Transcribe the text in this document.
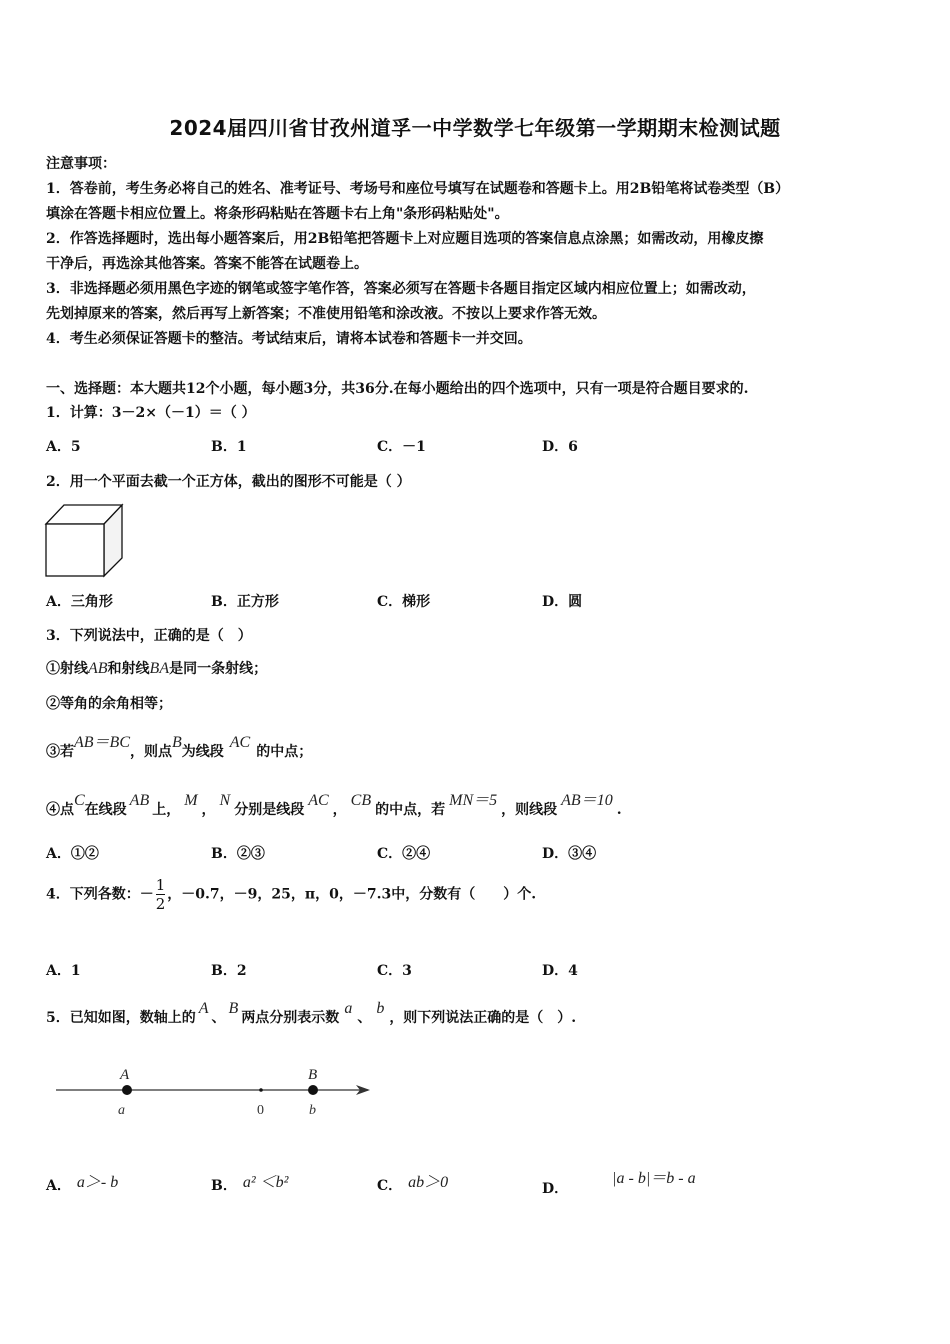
2024届四川省甘孜州道孚一中学数学七年级第一学期期末检测试题
注意事项：
1．答卷前，考生务必将自己的姓名、准考证号、考场号和座位号填写在试题卷和答题卡上。用2B铅笔将试卷类型（B）
填涂在答题卡相应位置上。将条形码粘贴在答题卡右上角"条形码粘贴处"。
2．作答选择题时，选出每小题答案后，用2B铅笔把答题卡上对应题目选项的答案信息点涂黑；如需改动，用橡皮擦
干净后，再选涂其他答案。答案不能答在试题卷上。
3．非选择题必须用黑色字迹的钢笔或签字笔作答，答案必须写在答题卡各题目指定区域内相应位置上；如需改动，
先划掉原来的答案，然后再写上新答案；不准使用铅笔和涂改液。不按以上要求作答无效。
4．考生必须保证答题卡的整洁。考试结束后，请将本试卷和答题卡一并交回。
一、选择题：本大题共12个小题，每小题3分，共36分.在每小题给出的四个选项中，只有一项是符合题目要求的.
1．计算：3－2×（－1）＝（ ）
A．5	B．1	C．－1	D．6
2．用一个平面去截一个正方体，截出的图形不可能是（ ）
A．三角形	B．正方形	C．梯形	D．圆
3．下列说法中，正确的是（　）
①射线AB和射线BA是同一条射线；
②等角的余角相等；
③若AB＝BC，则点B为线段AC的中点；
④点C在线段AB上，M，N分别是线段AC，CB的中点，若MN＝5，则线段AB＝10.
A．①②	B．②③	C．②④	D．③④
4．下列各数：－ $\frac{1}{2}$ ，－0.7，－9，25，π，0，－7.3中，分数有（　　）个.
A．1	B．2	C．3	D．4
5．已知如图，数轴上的A、B两点分别表示数a、b，则下列说法正确的是（　）.
A	B
a	0	b
A． a＞- b	B． a² ＜b²	C． ab＞0	D．|a - b|＝b - a
